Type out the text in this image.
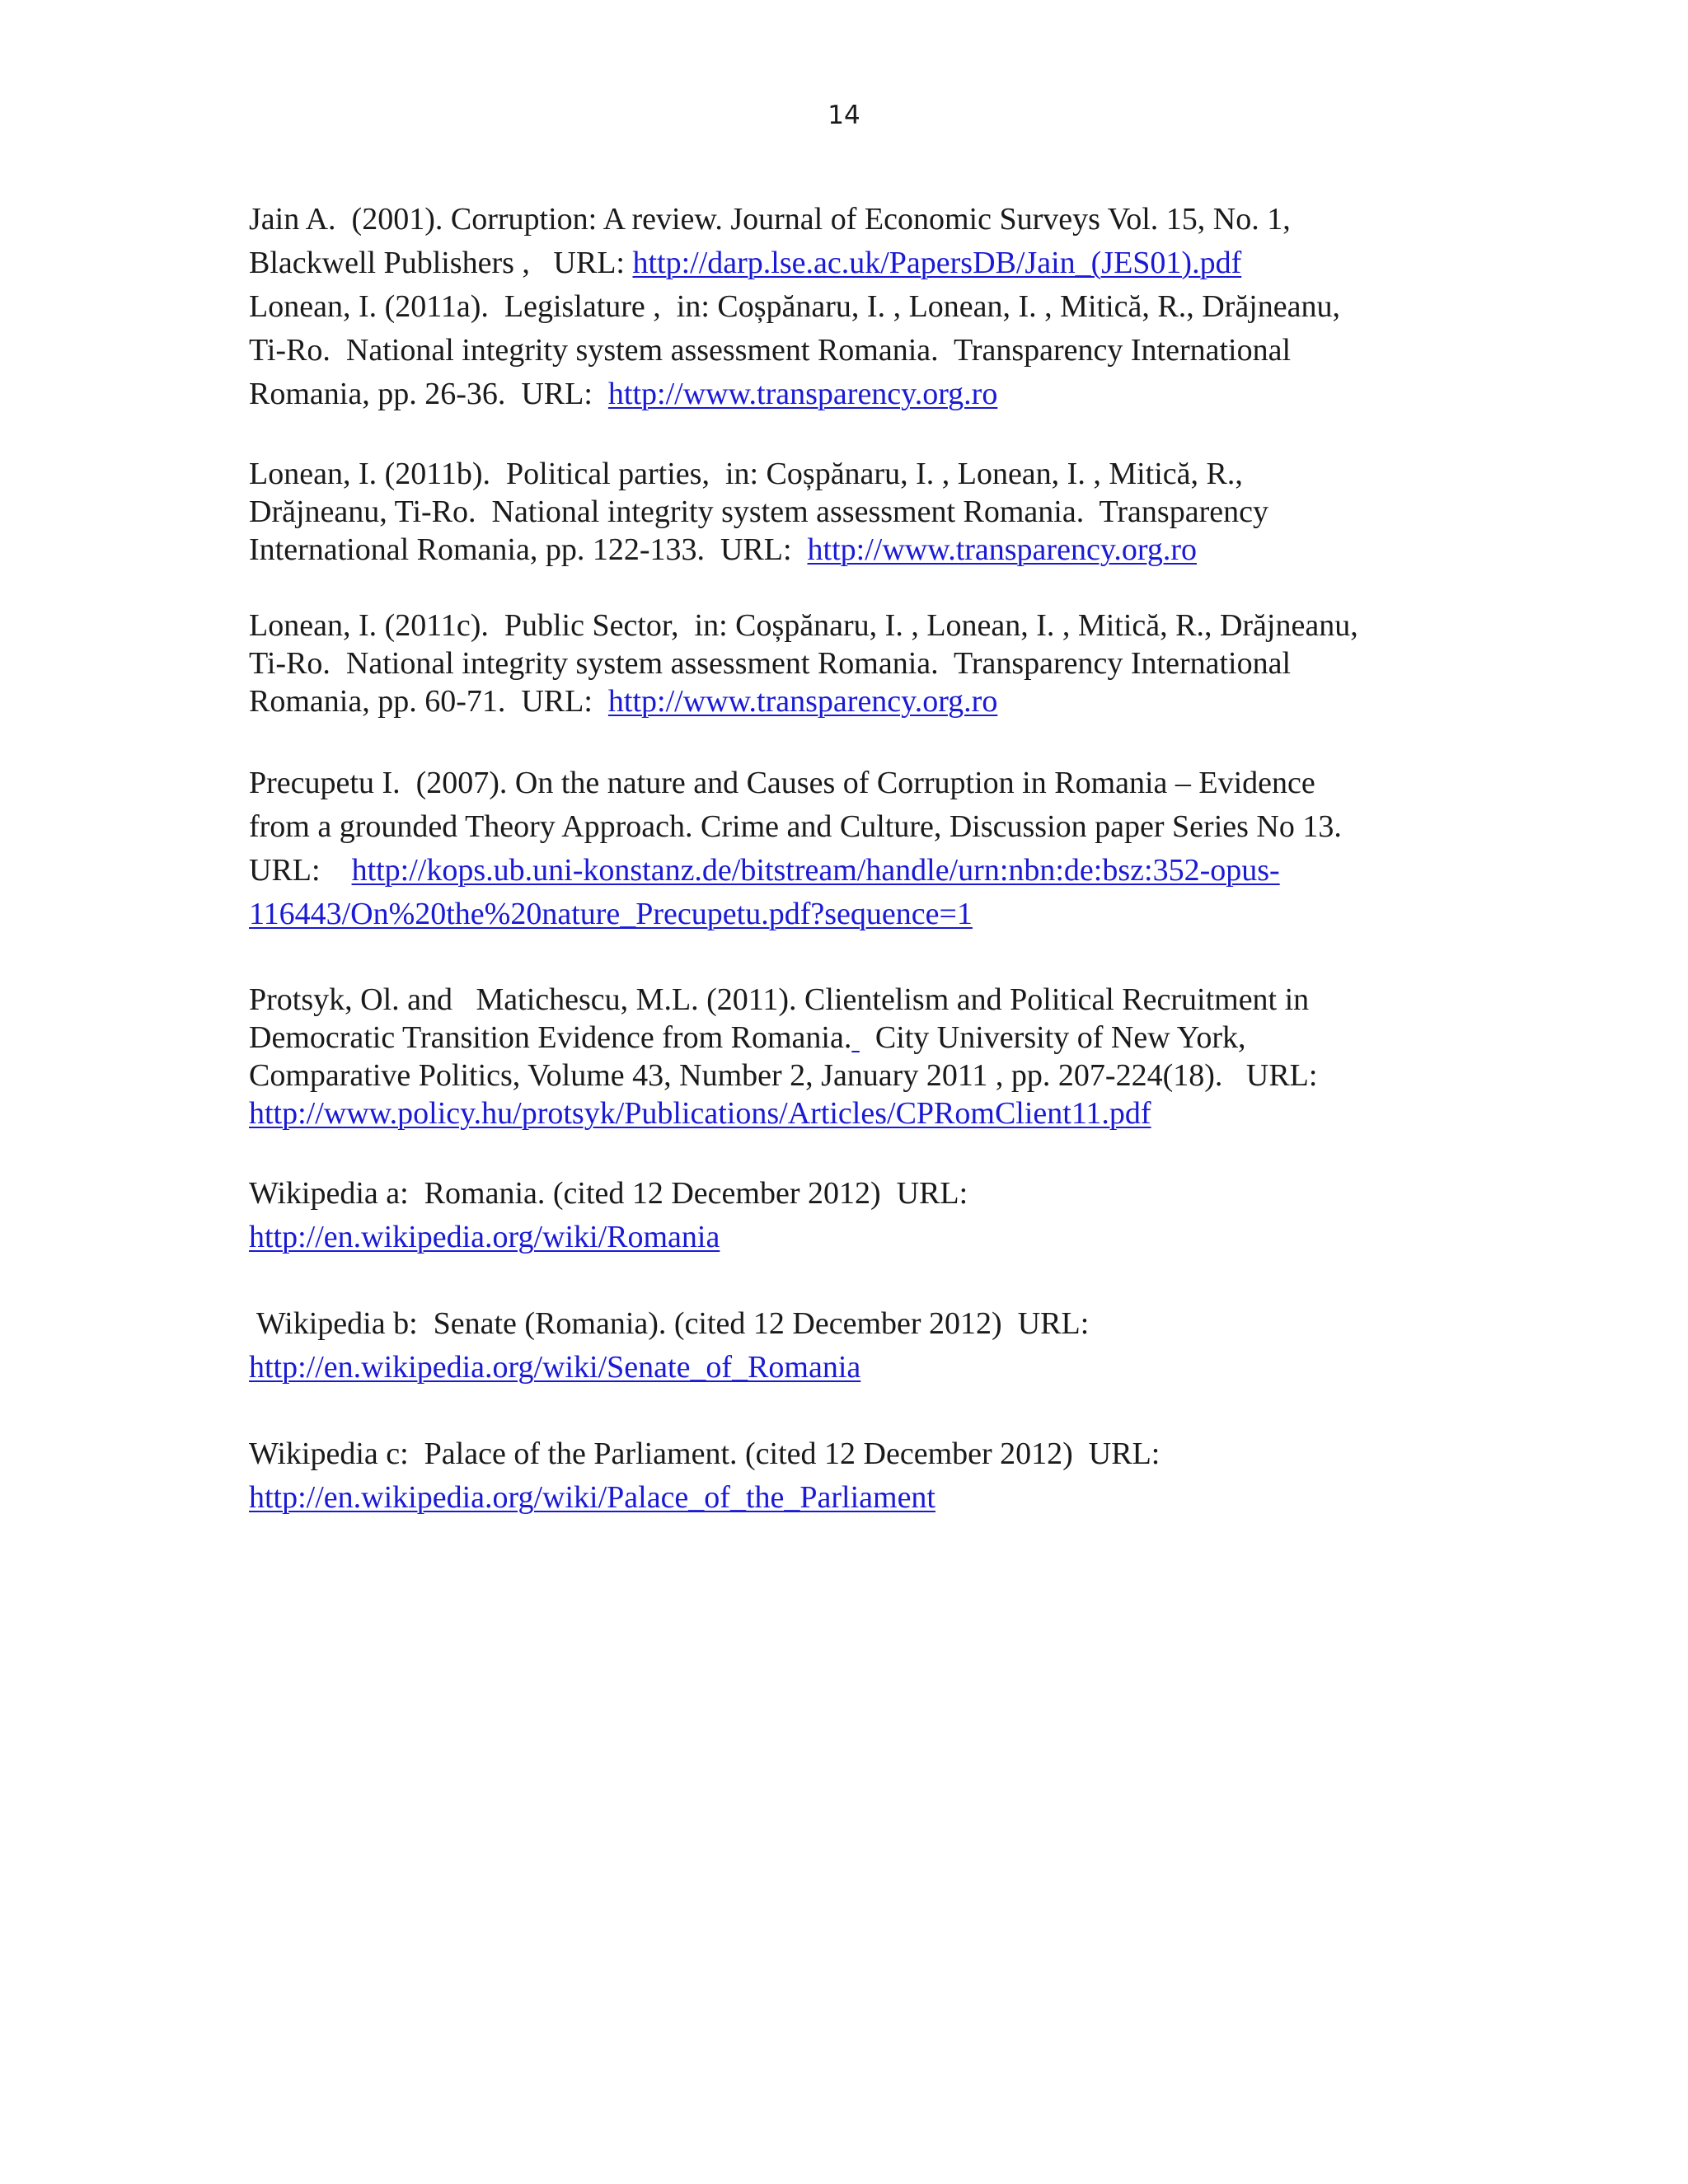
14
Jain A.  (2001). Corruption: A review. Journal of Economic Surveys Vol. 15, No. 1,
Blackwell Publishers ,   URL: http://darp.lse.ac.uk/PapersDB/Jain_(JES01).pdf
Lonean, I. (2011a).  Legislature ,  in: Coșpănaru, I. , Lonean, I. , Mitică, R., Drăjneanu,
Ti-Ro.  National integrity system assessment Romania.  Transparency International
Romania, pp. 26-36.  URL:  http://www.transparency.org.ro
Lonean, I. (2011b).  Political parties,  in: Coșpănaru, I. , Lonean, I. , Mitică, R.,
Drăjneanu, Ti-Ro.  National integrity system assessment Romania.  Transparency
International Romania, pp. 122-133.  URL:  http://www.transparency.org.ro
Lonean, I. (2011c).  Public Sector,  in: Coșpănaru, I. , Lonean, I. , Mitică, R., Drăjneanu,
Ti-Ro.  National integrity system assessment Romania.  Transparency International
Romania, pp. 60-71.  URL:  http://www.transparency.org.ro
Precupetu I.  (2007). On the nature and Causes of Corruption in Romania – Evidence
from a grounded Theory Approach. Crime and Culture, Discussion paper Series No 13.
URL:    http://kops.ub.uni-konstanz.de/bitstream/handle/urn:nbn:de:bsz:352-opus-
116443/On%20the%20nature_Precupetu.pdf?sequence=1
Protsyk, Ol. and   Matichescu, M.L. (2011). Clientelism and Political Recruitment in
Democratic Transition Evidence from Romania.   City University of New York,
Comparative Politics, Volume 43, Number 2, January 2011 , pp. 207-224(18).   URL:
http://www.policy.hu/protsyk/Publications/Articles/CPRomClient11.pdf
Wikipedia a:  Romania. (cited 12 December 2012)  URL:
http://en.wikipedia.org/wiki/Romania
Wikipedia b:  Senate (Romania). (cited 12 December 2012)  URL:
http://en.wikipedia.org/wiki/Senate_of_Romania
Wikipedia c:  Palace of the Parliament. (cited 12 December 2012)  URL:
http://en.wikipedia.org/wiki/Palace_of_the_Parliament
